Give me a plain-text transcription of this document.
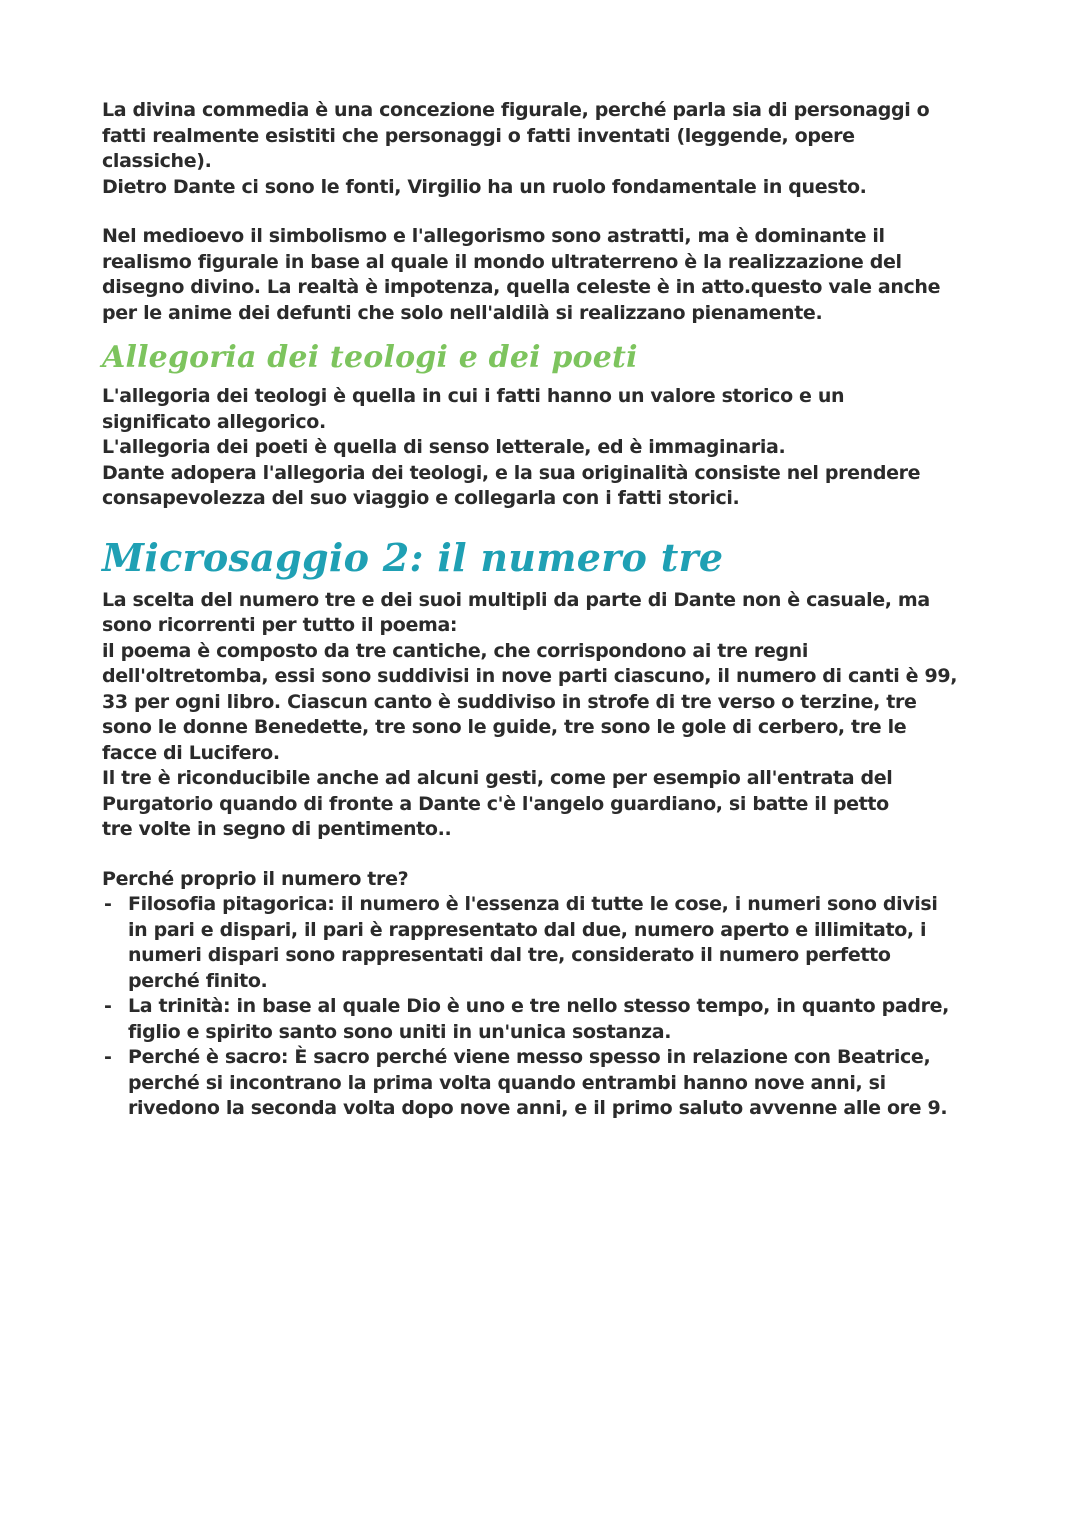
La divina commedia è una concezione figurale, perché parla sia di personaggi o
fatti realmente esistiti che personaggi o fatti inventati (leggende, opere
classiche).
Dietro Dante ci sono le fonti, Virgilio ha un ruolo fondamentale in questo.

Nel medioevo il simbolismo e l'allegorismo sono astratti, ma è dominante il
realismo figurale in base al quale il mondo ultraterreno è la realizzazione del
disegno divino. La realtà è impotenza, quella celeste è in atto.questo vale anche
per le anime dei defunti che solo nell'aldilà si realizzano pienamente.

Allegoria dei teologi e dei poeti

L'allegoria dei teologi è quella in cui i fatti hanno un valore storico e un
significato allegorico.
L'allegoria dei poeti è quella di senso letterale, ed è immaginaria.
Dante adopera l'allegoria dei teologi, e la sua originalità consiste nel prendere
consapevolezza del suo viaggio e collegarla con i fatti storici.

Microsaggio 2: il numero tre

La scelta del numero tre e dei suoi multipli da parte di Dante non è casuale, ma
sono ricorrenti per tutto il poema:
il poema è composto da tre cantiche, che corrispondono ai tre regni
dell'oltretomba, essi sono suddivisi in nove parti ciascuno, il numero di canti è 99,
33 per ogni libro. Ciascun canto è suddiviso in strofe di tre verso o terzine, tre
sono le donne Benedette, tre sono le guide, tre sono le gole di cerbero, tre le
facce di Lucifero.
Il tre è riconducibile anche ad alcuni gesti, come per esempio all'entrata del
Purgatorio quando di fronte a Dante c'è l'angelo guardiano, si batte il petto
tre volte in segno di pentimento..

Perché proprio il numero tre?

- Filosofia pitagorica: il numero è l'essenza di tutte le cose, i numeri sono divisi
in pari e dispari, il pari è rappresentato dal due, numero aperto e illimitato, i
numeri dispari sono rappresentati dal tre, considerato il numero perfetto
perché finito.
- La trinità: in base al quale Dio è uno e tre nello stesso tempo, in quanto padre,
figlio e spirito santo sono uniti in un'unica sostanza.
- Perché è sacro: È sacro perché viene messo spesso in relazione con Beatrice,
perché si incontrano la prima volta quando entrambi hanno nove anni, si
rivedono la seconda volta dopo nove anni, e il primo saluto avvenne alle ore 9.
